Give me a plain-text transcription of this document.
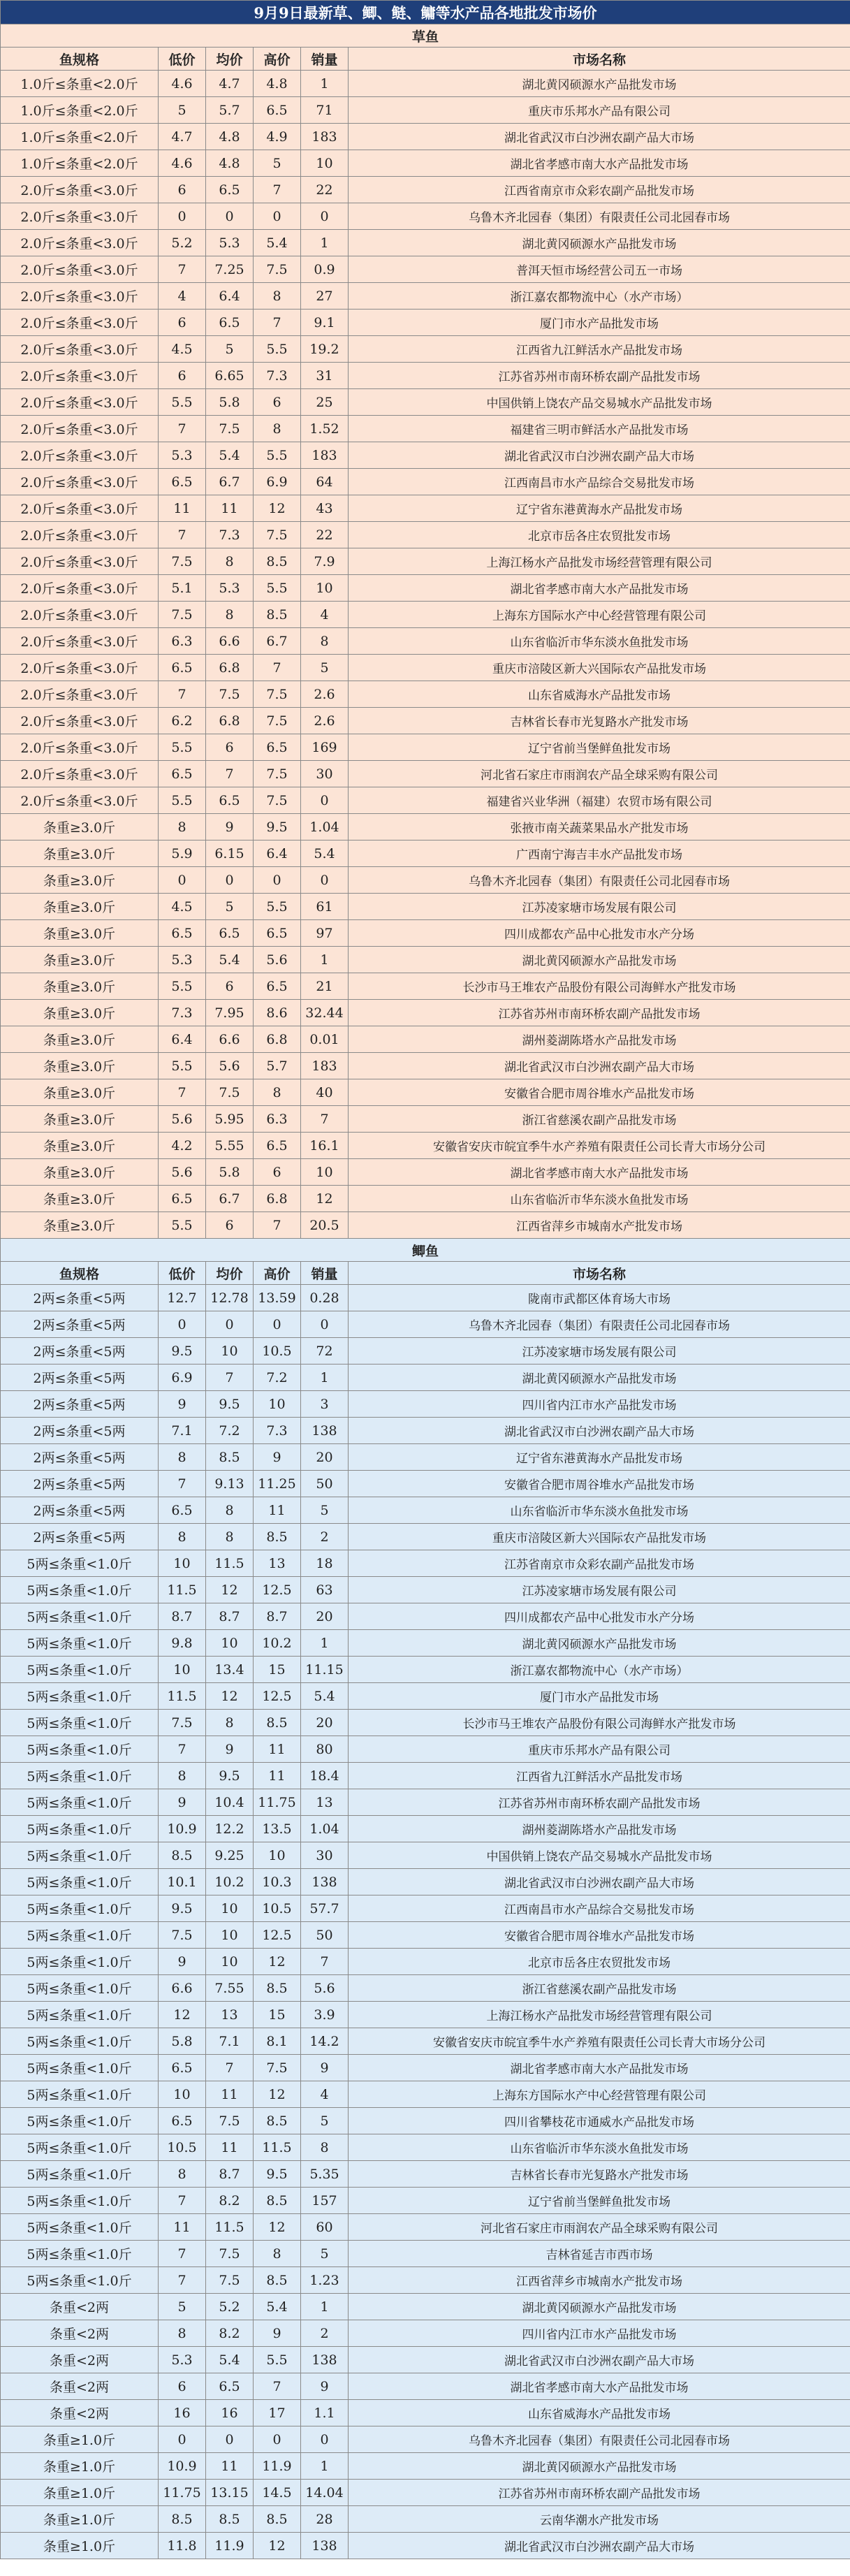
9月9日最新草、鲫、鲢、鳙等水产品各地批发市场价					
草鱼					
鱼规格	低价	均价	高价	销量	市场名称
1.0斤≤条重<2.0斤	4.6	4.7	4.8	1	湖北黄冈硕源水产品批发市场
1.0斤≤条重<2.0斤	5	5.7	6.5	71	重庆市乐邦水产品有限公司
1.0斤≤条重<2.0斤	4.7	4.8	4.9	183	湖北省武汉市白沙洲农副产品大市场
1.0斤≤条重<2.0斤	4.6	4.8	5	10	湖北省孝感市南大水产品批发市场
2.0斤≤条重<3.0斤	6	6.5	7	22	江西省南京市众彩农副产品批发市场
2.0斤≤条重<3.0斤	0	0	0	0	乌鲁木齐北园春（集团）有限责任公司北园春市场
2.0斤≤条重<3.0斤	5.2	5.3	5.4	1	湖北黄冈硕源水产品批发市场
2.0斤≤条重<3.0斤	7	7.25	7.5	0.9	普洱天恒市场经营公司五一市场
2.0斤≤条重<3.0斤	4	6.4	8	27	浙江嘉农都物流中心（水产市场）
2.0斤≤条重<3.0斤	6	6.5	7	9.1	厦门市水产品批发市场
2.0斤≤条重<3.0斤	4.5	5	5.5	19.2	江西省九江鲜活水产品批发市场
2.0斤≤条重<3.0斤	6	6.65	7.3	31	江苏省苏州市南环桥农副产品批发市场
2.0斤≤条重<3.0斤	5.5	5.8	6	25	中国供销上饶农产品交易城水产品批发市场
2.0斤≤条重<3.0斤	7	7.5	8	1.52	福建省三明市鲜活水产品批发市场
2.0斤≤条重<3.0斤	5.3	5.4	5.5	183	湖北省武汉市白沙洲农副产品大市场
2.0斤≤条重<3.0斤	6.5	6.7	6.9	64	江西南昌市水产品综合交易批发市场
2.0斤≤条重<3.0斤	11	11	12	43	辽宁省东港黄海水产品批发市场
2.0斤≤条重<3.0斤	7	7.3	7.5	22	北京市岳各庄农贸批发市场
2.0斤≤条重<3.0斤	7.5	8	8.5	7.9	上海江杨水产品批发市场经营管理有限公司
2.0斤≤条重<3.0斤	5.1	5.3	5.5	10	湖北省孝感市南大水产品批发市场
2.0斤≤条重<3.0斤	7.5	8	8.5	4	上海东方国际水产中心经营管理有限公司
2.0斤≤条重<3.0斤	6.3	6.6	6.7	8	山东省临沂市华东淡水鱼批发市场
2.0斤≤条重<3.0斤	6.5	6.8	7	5	重庆市涪陵区新大兴国际农产品批发市场
2.0斤≤条重<3.0斤	7	7.5	7.5	2.6	山东省威海水产品批发市场
2.0斤≤条重<3.0斤	6.2	6.8	7.5	2.6	吉林省长春市光复路水产批发市场
2.0斤≤条重<3.0斤	5.5	6	6.5	169	辽宁省前当堡鲜鱼批发市场
2.0斤≤条重<3.0斤	6.5	7	7.5	30	河北省石家庄市雨润农产品全球采购有限公司
2.0斤≤条重<3.0斤	5.5	6.5	7.5	0	福建省兴业华洲（福建）农贸市场有限公司
条重≥3.0斤	8	9	9.5	1.04	张掖市南关蔬菜果品水产批发市场
条重≥3.0斤	5.9	6.15	6.4	5.4	广西南宁海吉丰水产品批发市场
条重≥3.0斤	0	0	0	0	乌鲁木齐北园春（集团）有限责任公司北园春市场
条重≥3.0斤	4.5	5	5.5	61	江苏凌家塘市场发展有限公司
条重≥3.0斤	6.5	6.5	6.5	97	四川成都农产品中心批发市水产分场
条重≥3.0斤	5.3	5.4	5.6	1	湖北黄冈硕源水产品批发市场
条重≥3.0斤	5.5	6	6.5	21	长沙市马王堆农产品股份有限公司海鲜水产批发市场
条重≥3.0斤	7.3	7.95	8.6	32.44	江苏省苏州市南环桥农副产品批发市场
条重≥3.0斤	6.4	6.6	6.8	0.01	湖州菱湖陈塔水产品批发市场
条重≥3.0斤	5.5	5.6	5.7	183	湖北省武汉市白沙洲农副产品大市场
条重≥3.0斤	7	7.5	8	40	安徽省合肥市周谷堆水产品批发市场
条重≥3.0斤	5.6	5.95	6.3	7	浙江省慈溪农副产品批发市场
条重≥3.0斤	4.2	5.55	6.5	16.1	安徽省安庆市皖宜季牛水产养殖有限责任公司长青大市场分公司
条重≥3.0斤	5.6	5.8	6	10	湖北省孝感市南大水产品批发市场
条重≥3.0斤	6.5	6.7	6.8	12	山东省临沂市华东淡水鱼批发市场
条重≥3.0斤	5.5	6	7	20.5	江西省萍乡市城南水产批发市场
鲫鱼					
鱼规格	低价	均价	高价	销量	市场名称
2两≤条重<5两	12.7	12.78	13.59	0.28	陇南市武都区体育场大市场
2两≤条重<5两	0	0	0	0	乌鲁木齐北园春（集团）有限责任公司北园春市场
2两≤条重<5两	9.5	10	10.5	72	江苏凌家塘市场发展有限公司
2两≤条重<5两	6.9	7	7.2	1	湖北黄冈硕源水产品批发市场
2两≤条重<5两	9	9.5	10	3	四川省内江市水产品批发市场
2两≤条重<5两	7.1	7.2	7.3	138	湖北省武汉市白沙洲农副产品大市场
2两≤条重<5两	8	8.5	9	20	辽宁省东港黄海水产品批发市场
2两≤条重<5两	7	9.13	11.25	50	安徽省合肥市周谷堆水产品批发市场
2两≤条重<5两	6.5	8	11	5	山东省临沂市华东淡水鱼批发市场
2两≤条重<5两	8	8	8.5	2	重庆市涪陵区新大兴国际农产品批发市场
5两≤条重<1.0斤	10	11.5	13	18	江苏省南京市众彩农副产品批发市场
5两≤条重<1.0斤	11.5	12	12.5	63	江苏凌家塘市场发展有限公司
5两≤条重<1.0斤	8.7	8.7	8.7	20	四川成都农产品中心批发市水产分场
5两≤条重<1.0斤	9.8	10	10.2	1	湖北黄冈硕源水产品批发市场
5两≤条重<1.0斤	10	13.4	15	11.15	浙江嘉农都物流中心（水产市场）
5两≤条重<1.0斤	11.5	12	12.5	5.4	厦门市水产品批发市场
5两≤条重<1.0斤	7.5	8	8.5	20	长沙市马王堆农产品股份有限公司海鲜水产批发市场
5两≤条重<1.0斤	7	9	11	80	重庆市乐邦水产品有限公司
5两≤条重<1.0斤	8	9.5	11	18.4	江西省九江鲜活水产品批发市场
5两≤条重<1.0斤	9	10.4	11.75	13	江苏省苏州市南环桥农副产品批发市场
5两≤条重<1.0斤	10.9	12.2	13.5	1.04	湖州菱湖陈塔水产品批发市场
5两≤条重<1.0斤	8.5	9.25	10	30	中国供销上饶农产品交易城水产品批发市场
5两≤条重<1.0斤	10.1	10.2	10.3	138	湖北省武汉市白沙洲农副产品大市场
5两≤条重<1.0斤	9.5	10	10.5	57.7	江西南昌市水产品综合交易批发市场
5两≤条重<1.0斤	7.5	10	12.5	50	安徽省合肥市周谷堆水产品批发市场
5两≤条重<1.0斤	9	10	12	7	北京市岳各庄农贸批发市场
5两≤条重<1.0斤	6.6	7.55	8.5	5.6	浙江省慈溪农副产品批发市场
5两≤条重<1.0斤	12	13	15	3.9	上海江杨水产品批发市场经营管理有限公司
5两≤条重<1.0斤	5.8	7.1	8.1	14.2	安徽省安庆市皖宜季牛水产养殖有限责任公司长青大市场分公司
5两≤条重<1.0斤	6.5	7	7.5	9	湖北省孝感市南大水产品批发市场
5两≤条重<1.0斤	10	11	12	4	上海东方国际水产中心经营管理有限公司
5两≤条重<1.0斤	6.5	7.5	8.5	5	四川省攀枝花市通威水产品批发市场
5两≤条重<1.0斤	10.5	11	11.5	8	山东省临沂市华东淡水鱼批发市场
5两≤条重<1.0斤	8	8.7	9.5	5.35	吉林省长春市光复路水产批发市场
5两≤条重<1.0斤	7	8.2	8.5	157	辽宁省前当堡鲜鱼批发市场
5两≤条重<1.0斤	11	11.5	12	60	河北省石家庄市雨润农产品全球采购有限公司
5两≤条重<1.0斤	7	7.5	8	5	吉林省延吉市西市场
5两≤条重<1.0斤	7	7.5	8.5	1.23	江西省萍乡市城南水产批发市场
条重<2两	5	5.2	5.4	1	湖北黄冈硕源水产品批发市场
条重<2两	8	8.2	9	2	四川省内江市水产品批发市场
条重<2两	5.3	5.4	5.5	138	湖北省武汉市白沙洲农副产品大市场
条重<2两	6	6.5	7	9	湖北省孝感市南大水产品批发市场
条重<2两	16	16	17	1.1	山东省威海水产品批发市场
条重≥1.0斤	0	0	0	0	乌鲁木齐北园春（集团）有限责任公司北园春市场
条重≥1.0斤	10.9	11	11.9	1	湖北黄冈硕源水产品批发市场
条重≥1.0斤	11.75	13.15	14.5	14.04	江苏省苏州市南环桥农副产品批发市场
条重≥1.0斤	8.5	8.5	8.5	28	云南华潮水产批发市场
条重≥1.0斤	11.8	11.9	12	138	湖北省武汉市白沙洲农副产品大市场
